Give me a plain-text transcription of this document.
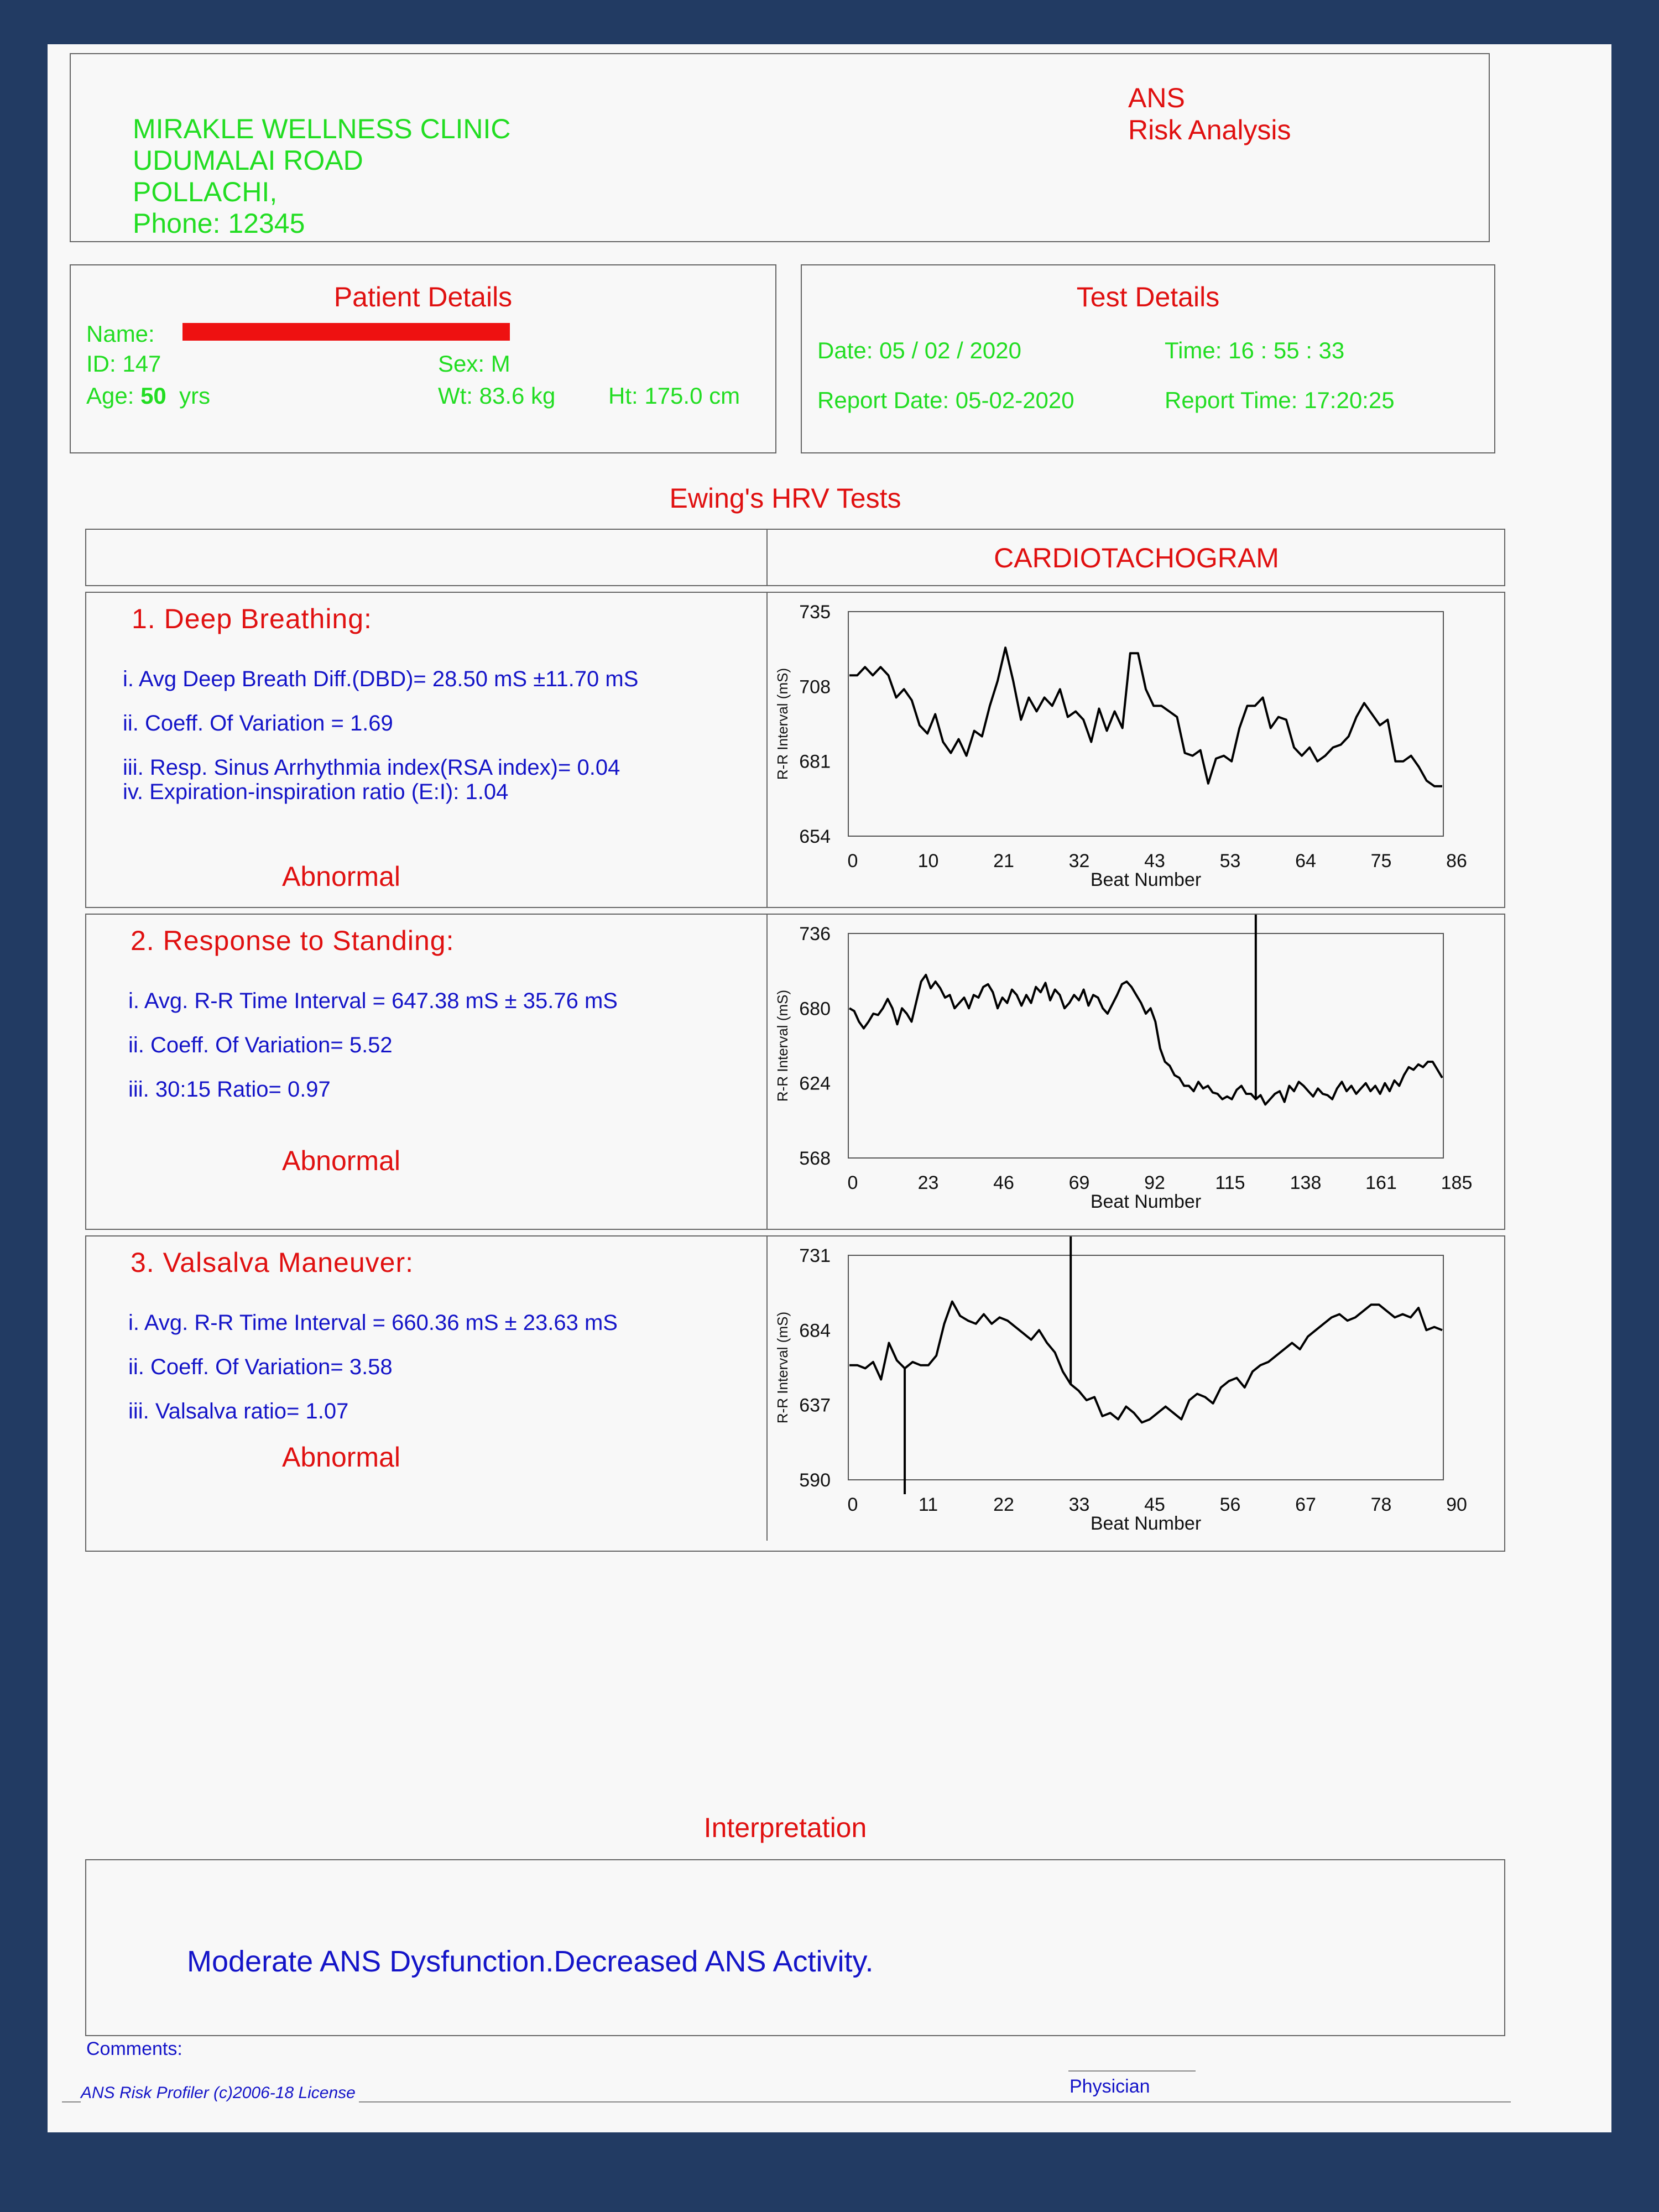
MIRAKLE WELLNESS CLINIC
UDUMALAI ROAD
POLLACHI,
Phone: 12345
ANS
Risk Analysis
Patient Details
Name:
ID: 147	Sex: M
Age: 50 yrs	Wt: 83.6 kg Ht: 175.0 cm
Test Details
Date: 05 / 02 / 2020	Time: 16 : 55 : 33
Report Date: 05-02-2020	Report Time: 17:20:25
Ewing's HRV Tests
CARDIOTACHOGRAM
1. Deep Breathing:
i. Avg Deep Breath Diff.(DBD)= 28.50 mS ±11.70 mS
ii. Coeff. Of Variation = 1.69
iii. Resp. Sinus Arrhythmia index(RSA index)= 0.04
iv. Expiration-inspiration ratio (E:I): 1.04
Abnormal
2. Response to Standing:
i. Avg. R-R Time Interval = 647.38 mS ± 35.76 mS
ii. Coeff. Of Variation= 5.52
iii. 30:15 Ratio= 0.97
Abnormal
3. Valsalva Maneuver:
i. Avg. R-R Time Interval = 660.36 mS ± 23.63 mS
ii. Coeff. Of Variation= 3.58
iii. Valsalva ratio= 1.07
Abnormal
735
708
681
654
0	10	21	32	43	53	64	75	86
Beat Number
R-R Interval (mS)
736
680
624
568
0	23	46	69	92	115 138 161 185
Beat Number
R-R Interval (mS)
731
684
637
590
0	11	22	33	45	56	67	78	90
Beat Number
R-R Interval (mS)
Interpretation
Moderate ANS Dysfunction.Decreased ANS Activity.
Comments:
ANS Risk Profiler (c)2006-18 License	Physician
